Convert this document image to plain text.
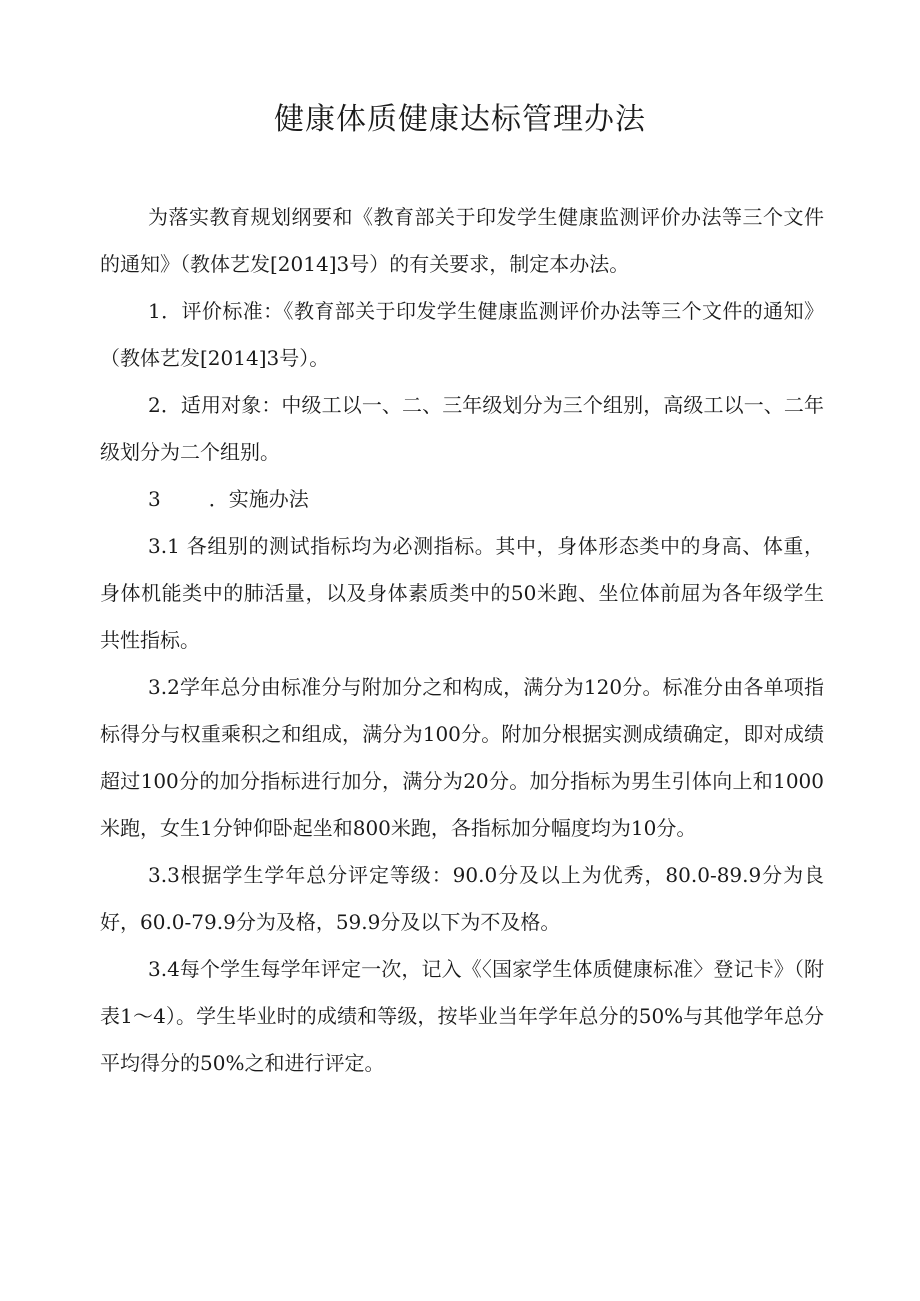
健康体质健康达标管理办法

为落实教育规划纲要和《教育部关于印发学生健康监测评价办法等三个文件的通知》（教体艺发[2014]3号）的有关要求，制定本办法。

1．评价标准：《教育部关于印发学生健康监测评价办法等三个文件的通知》（教体艺发[2014]3号）。

2．适用对象：中级工以一、二、三年级划分为三个组别，高级工以一、二年级划分为二个组别。

3 ．实施办法

3.1 各组别的测试指标均为必测指标。其中，身体形态类中的身高、体重，身体机能类中的肺活量，以及身体素质类中的50米跑、坐位体前屈为各年级学生共性指标。

3.2学年总分由标准分与附加分之和构成，满分为120分。标准分由各单项指标得分与权重乘积之和组成，满分为100分。附加分根据实测成绩确定，即对成绩超过100分的加分指标进行加分，满分为20分。加分指标为男生引体向上和1000米跑，女生1分钟仰卧起坐和800米跑，各指标加分幅度均为10分。

3.3根据学生学年总分评定等级：90.0分及以上为优秀，80.0-89.9分为良好，60.0-79.9分为及格，59.9分及以下为不及格。

3.4每个学生每学年评定一次，记入《〈国家学生体质健康标准〉登记卡》（附表1～4）。学生毕业时的成绩和等级，按毕业当年学年总分的50%与其他学年总分平均得分的50%之和进行评定。
